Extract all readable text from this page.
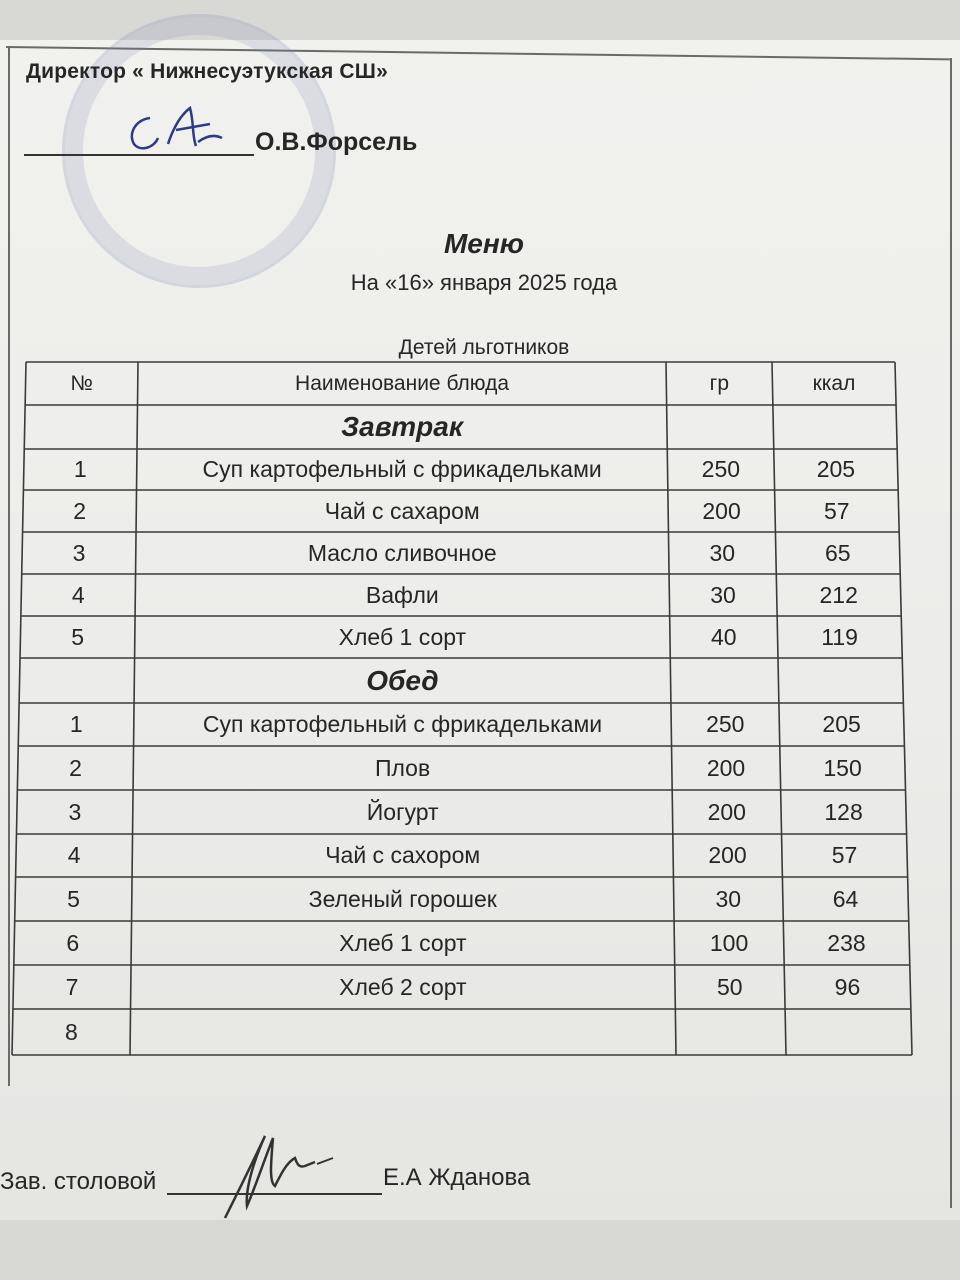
Директор « Нижнесуэтукская СШ»
О.В.Форсель
Меню
На «16» января 2025 года
Детей льготников
№	Наименование блюда	гр	ккал
Завтрак
1	Суп картофельный с фрикадельками	250	205
2	Чай с сахаром	200	57
3	Масло сливочное	30	65
4	Вафли	30	212
5	Хлеб 1 сорт	40	119
Обед
1	Суп картофельный с фрикадельками	250	205
2	Плов	200	150
3	Йогурт	200	128
4	Чай с сахором	200	57
5	Зеленый горошек	30	64
6	Хлеб 1 сорт	100	238
7	Хлеб 2 сорт	50	96
8
Зав. столовой	Е.А Жданова
